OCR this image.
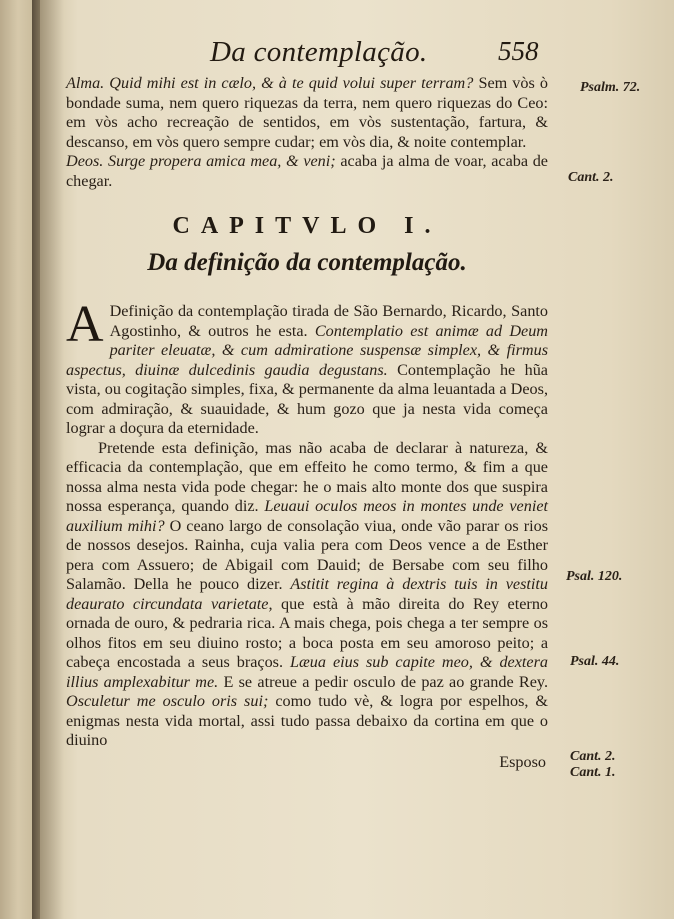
Da contemplação.	558

Alma. Quid mihi est in cælo, & à te quid volui super terram? Sem vòs ò bondade suma, nem quero riquezas da terra, nem quero riquezas do Ceo: em vòs acho recreação de sentidos, em vòs sustentação, fartura, & descanso, em vòs quero sempre cudar; em vòs dia, & noite contemplar.

Deos. Surge propera amica mea, & veni; acaba ja alma de voar, acaba de chegar.

CAPITVLO I.
Da definição da contemplação.

A Definição da contemplação tirada de São Bernardo, Ricardo, Santo Agostinho, & outros he esta. Contemplatio est animæ ad Deum pariter eleuatæ, & cum admiratione suspensæ simplex, & firmus aspectus, diuinæ dulcedinis gaudia degustans. Contemplação he hũa vista, ou cogitação simples, fixa, & permanente da alma leuantada a Deos, com admiração, & suauidade, & hum gozo que ja nesta vida começa lograr a doçura da eternidade.

Pretende esta definição, mas não acaba de declarar à natureza, & efficacia da contemplação, que em effeito he como termo, & fim a que nossa alma nesta vida pode chegar: he o mais alto monte dos que suspira nossa esperança, quando diz. Leuaui oculos meos in montes unde veniet auxilium mihi? O ceano largo de consolação viua, onde vão parar os rios de nossos desejos. Rainha, cuja valia pera com Deos vence a de Esther pera com Assuero; de Abigail com Dauid; de Bersabe com seu filho Salamão. Della he pouco dizer. Astitit regina à dextris tuis in vestitu deaurato circundata varietate, que està à mão direita do Rey eterno ornada de ouro, & pedraria rica. A mais chega, pois chega a ter sempre os olhos fitos em seu diuino rosto; a boca posta em seu amoroso peito; a cabeça encostada a seus braços. Læua eius sub capite meo, & dextera illius amplexabitur me. E se atreue a pedir osculo de paz ao grande Rey. Osculetur me osculo oris sui; como tudo vè, & logra por espelhos, & enigmas nesta vida mortal, assi tudo passa debaixo da cortina em que o diuino

Esposo
Psalm. 72.
Cant. 2.
Psal. 120.
Psal. 44.
Cant. 2.
Cant. 1.
